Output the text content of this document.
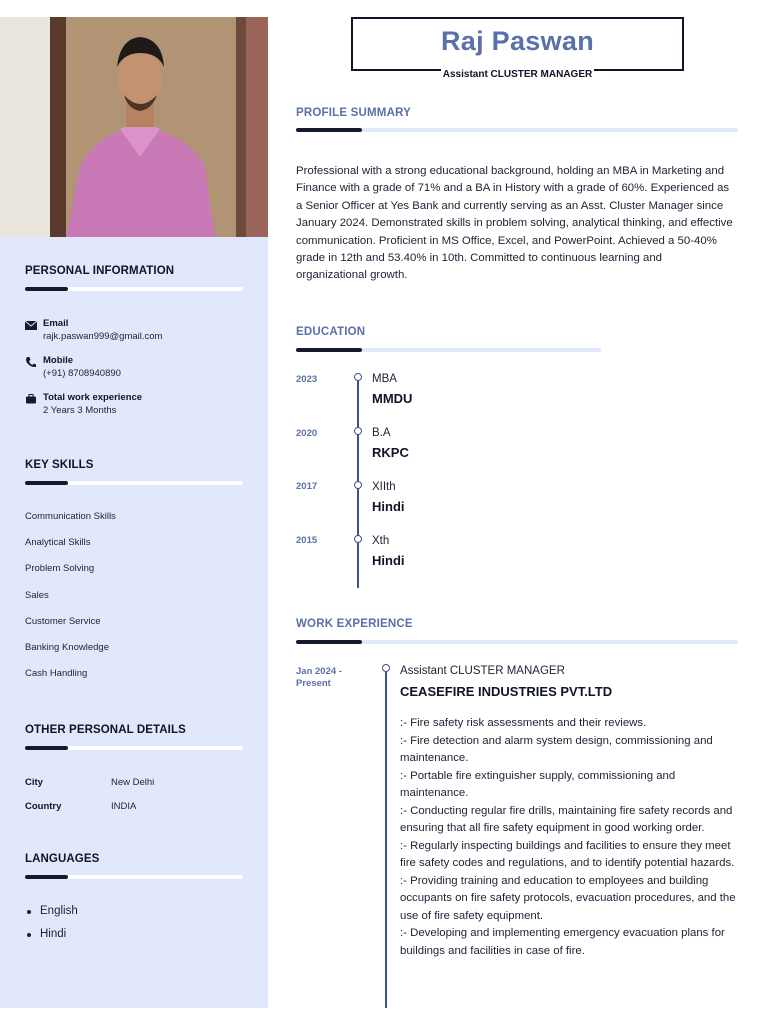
PERSONAL INFORMATION
Email
rajk.paswan999@gmail.com
Mobile
(+91) 8708940890
Total work experience
2 Years 3 Months
KEY SKILLS
Communication Skills
Analytical Skills
Problem Solving
Sales
Customer Service
Banking Knowledge
Cash Handling
OTHER PERSONAL DETAILS
City	New Delhi
Country	INDIA
LANGUAGES
English
Hindi
Raj Paswan
Assistant CLUSTER MANAGER
PROFILE SUMMARY
Professional with a strong educational background, holding an MBA in Marketing and Finance with a grade of 71% and a BA in History with a grade of 60%. Experienced as a Senior Officer at Yes Bank and currently serving as an Asst. Cluster Manager since January 2024. Demonstrated skills in problem solving, analytical thinking, and effective communication. Proficient in MS Office, Excel, and PowerPoint. Achieved a 50-40% grade in 12th and 53.40% in 10th. Committed to continuous learning and organizational growth.
EDUCATION
2023	MBA
MMDU
2020	B.A
RKPC
2017	XIIth
Hindi
2015	Xth
Hindi
WORK EXPERIENCE
Jan 2024 - Present
Assistant CLUSTER MANAGER
CEASEFIRE INDUSTRIES PVT.LTD
:- Fire safety risk assessments and their reviews.
:- Fire detection and alarm system design, commissioning and maintenance.
:- Portable fire extinguisher supply, commissioning and maintenance.
:- Conducting regular fire drills, maintaining fire safety records and ensuring that all fire safety equipment in good working order.
:- Regularly inspecting buildings and facilities to ensure they meet fire safety codes and regulations, and to identify potential hazards.
:- Providing training and education to employees and building occupants on fire safety protocols, evacuation procedures, and the use of fire safety equipment.
:- Developing and implementing emergency evacuation plans for buildings and facilities in case of fire.
